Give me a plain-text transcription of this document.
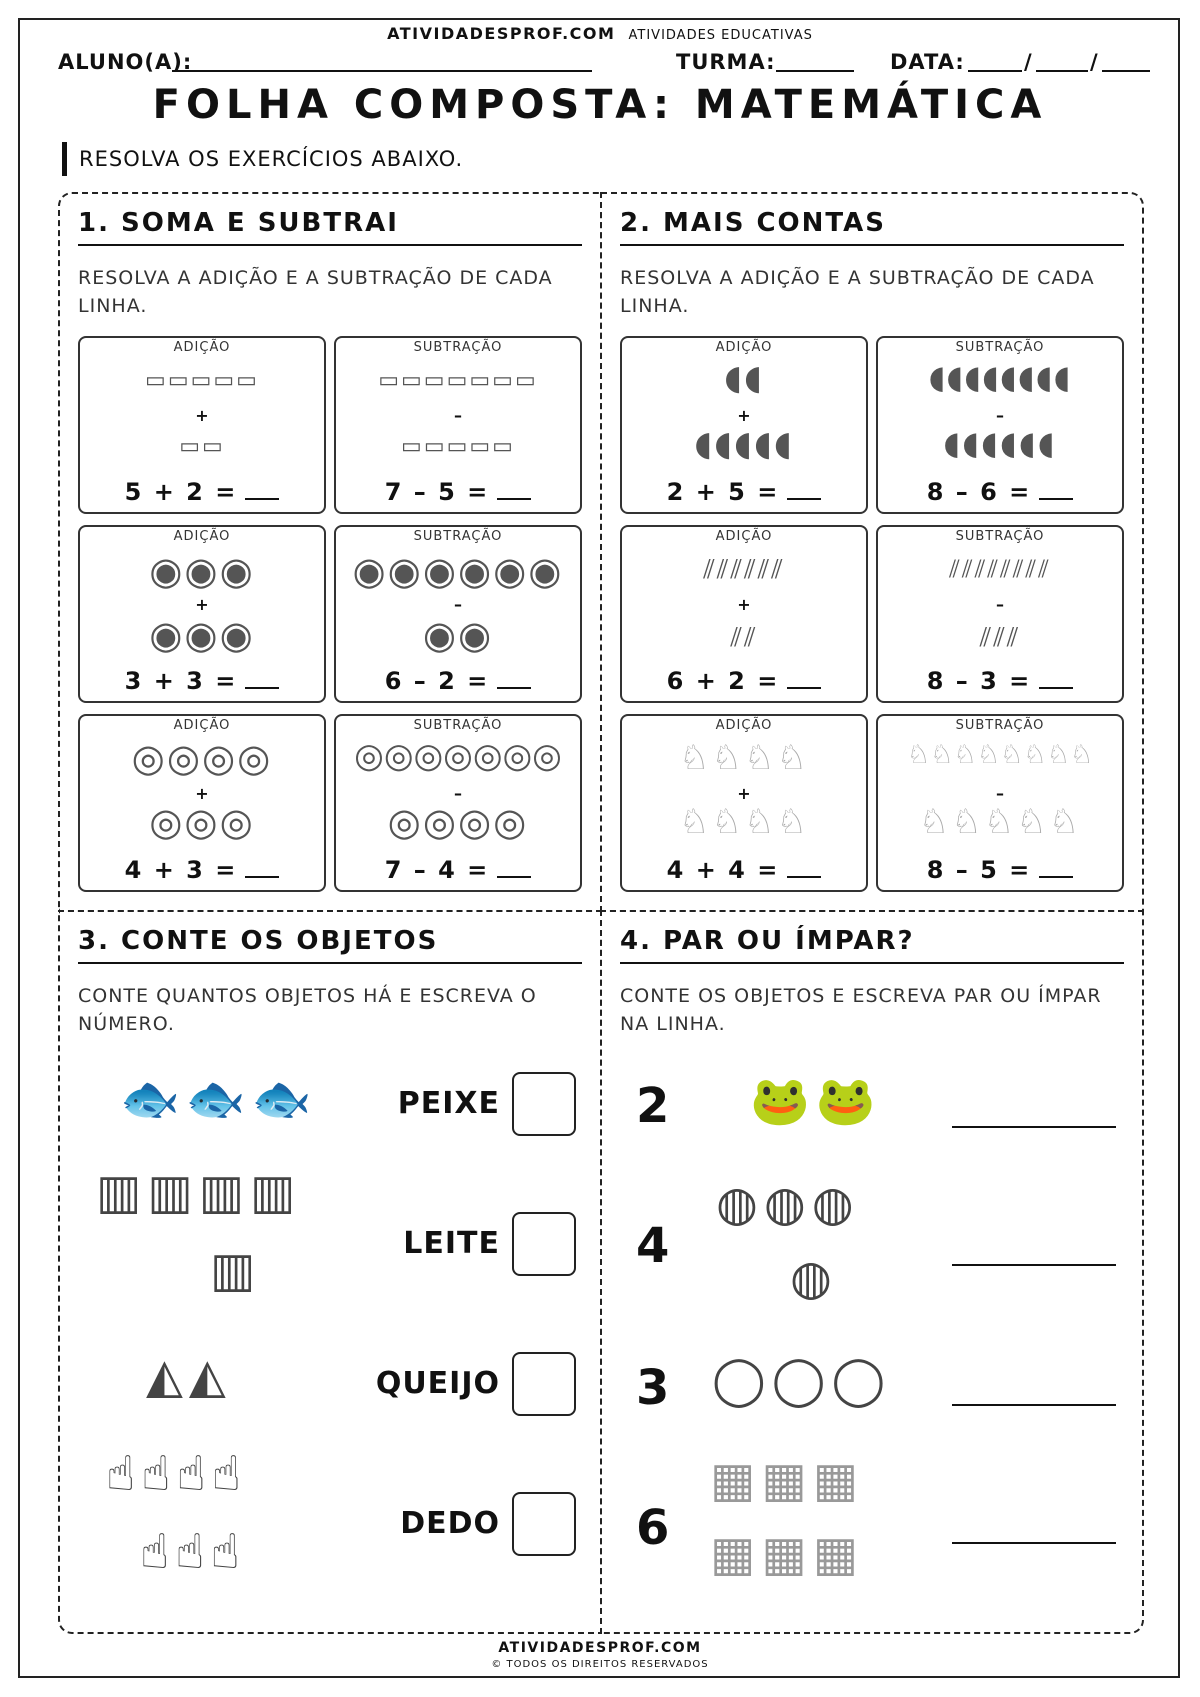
ATIVIDADESPROF.COM ATIVIDADES EDUCATIVAS
ALUNO(A):	TURMA:	DATA:	/	/
FOLHA COMPOSTA: MATEMÁTICA
RESOLVA OS EXERCÍCIOS ABAIXO.
1. SOMA E SUBTRAI
RESOLVA A ADIÇÃO E A SUBTRAÇÃO DE CADA LINHA.
ADIÇÃO
▭▭▭▭▭
+
▭▭
5 + 2 =
SUBTRAÇÃO
▭▭▭▭▭▭▭
–
▭▭▭▭▭
7 – 5 =
ADIÇÃO
◉◉◉
+
◉◉◉
3 + 3 =
SUBTRAÇÃO
◉◉◉◉◉◉
–
◉◉
6 – 2 =
ADIÇÃO
◎◎◎◎
+
◎◎◎
4 + 3 =
SUBTRAÇÃO
◎◎◎◎◎◎◎
–
◎◎◎◎
7 – 4 =
2. MAIS CONTAS
RESOLVA A ADIÇÃO E A SUBTRAÇÃO DE CADA LINHA.
ADIÇÃO
◖◖
+
◖◖◖◖◖
2 + 5 =
SUBTRAÇÃO
◖◖◖◖◖◖◖◖
–
◖◖◖◖◖◖
8 – 6 =
ADIÇÃO
⫽⫽⫽⫽⫽⫽
+
⫽⫽
6 + 2 =
SUBTRAÇÃO
⫽⫽⫽⫽⫽⫽⫽⫽
–
⫽⫽⫽
8 – 3 =
ADIÇÃO
♘♘♘♘
+
♘♘♘♘
4 + 4 =
SUBTRAÇÃO
♘♘♘♘♘♘♘♘
–
♘♘♘♘♘
8 – 5 =
3. CONTE OS OBJETOS
CONTE QUANTOS OBJETOS HÁ E ESCREVA O NÚMERO.
🐟🐟🐟	PEIXE
▥▥▥▥
▥	LEITE
◭◭	QUEIJO
☝☝☝☝
☝☝☝
DEDO
4. PAR OU ÍMPAR?
CONTE OS OBJETOS E ESCREVA PAR OU ÍMPAR NA LINHA.
2 🐸🐸
4
◍◍◍
◍
3 ◯◯◯
6
▦▦▦
▦▦▦
ATIVIDADESPROF.COM
© TODOS OS DIREITOS RESERVADOS
